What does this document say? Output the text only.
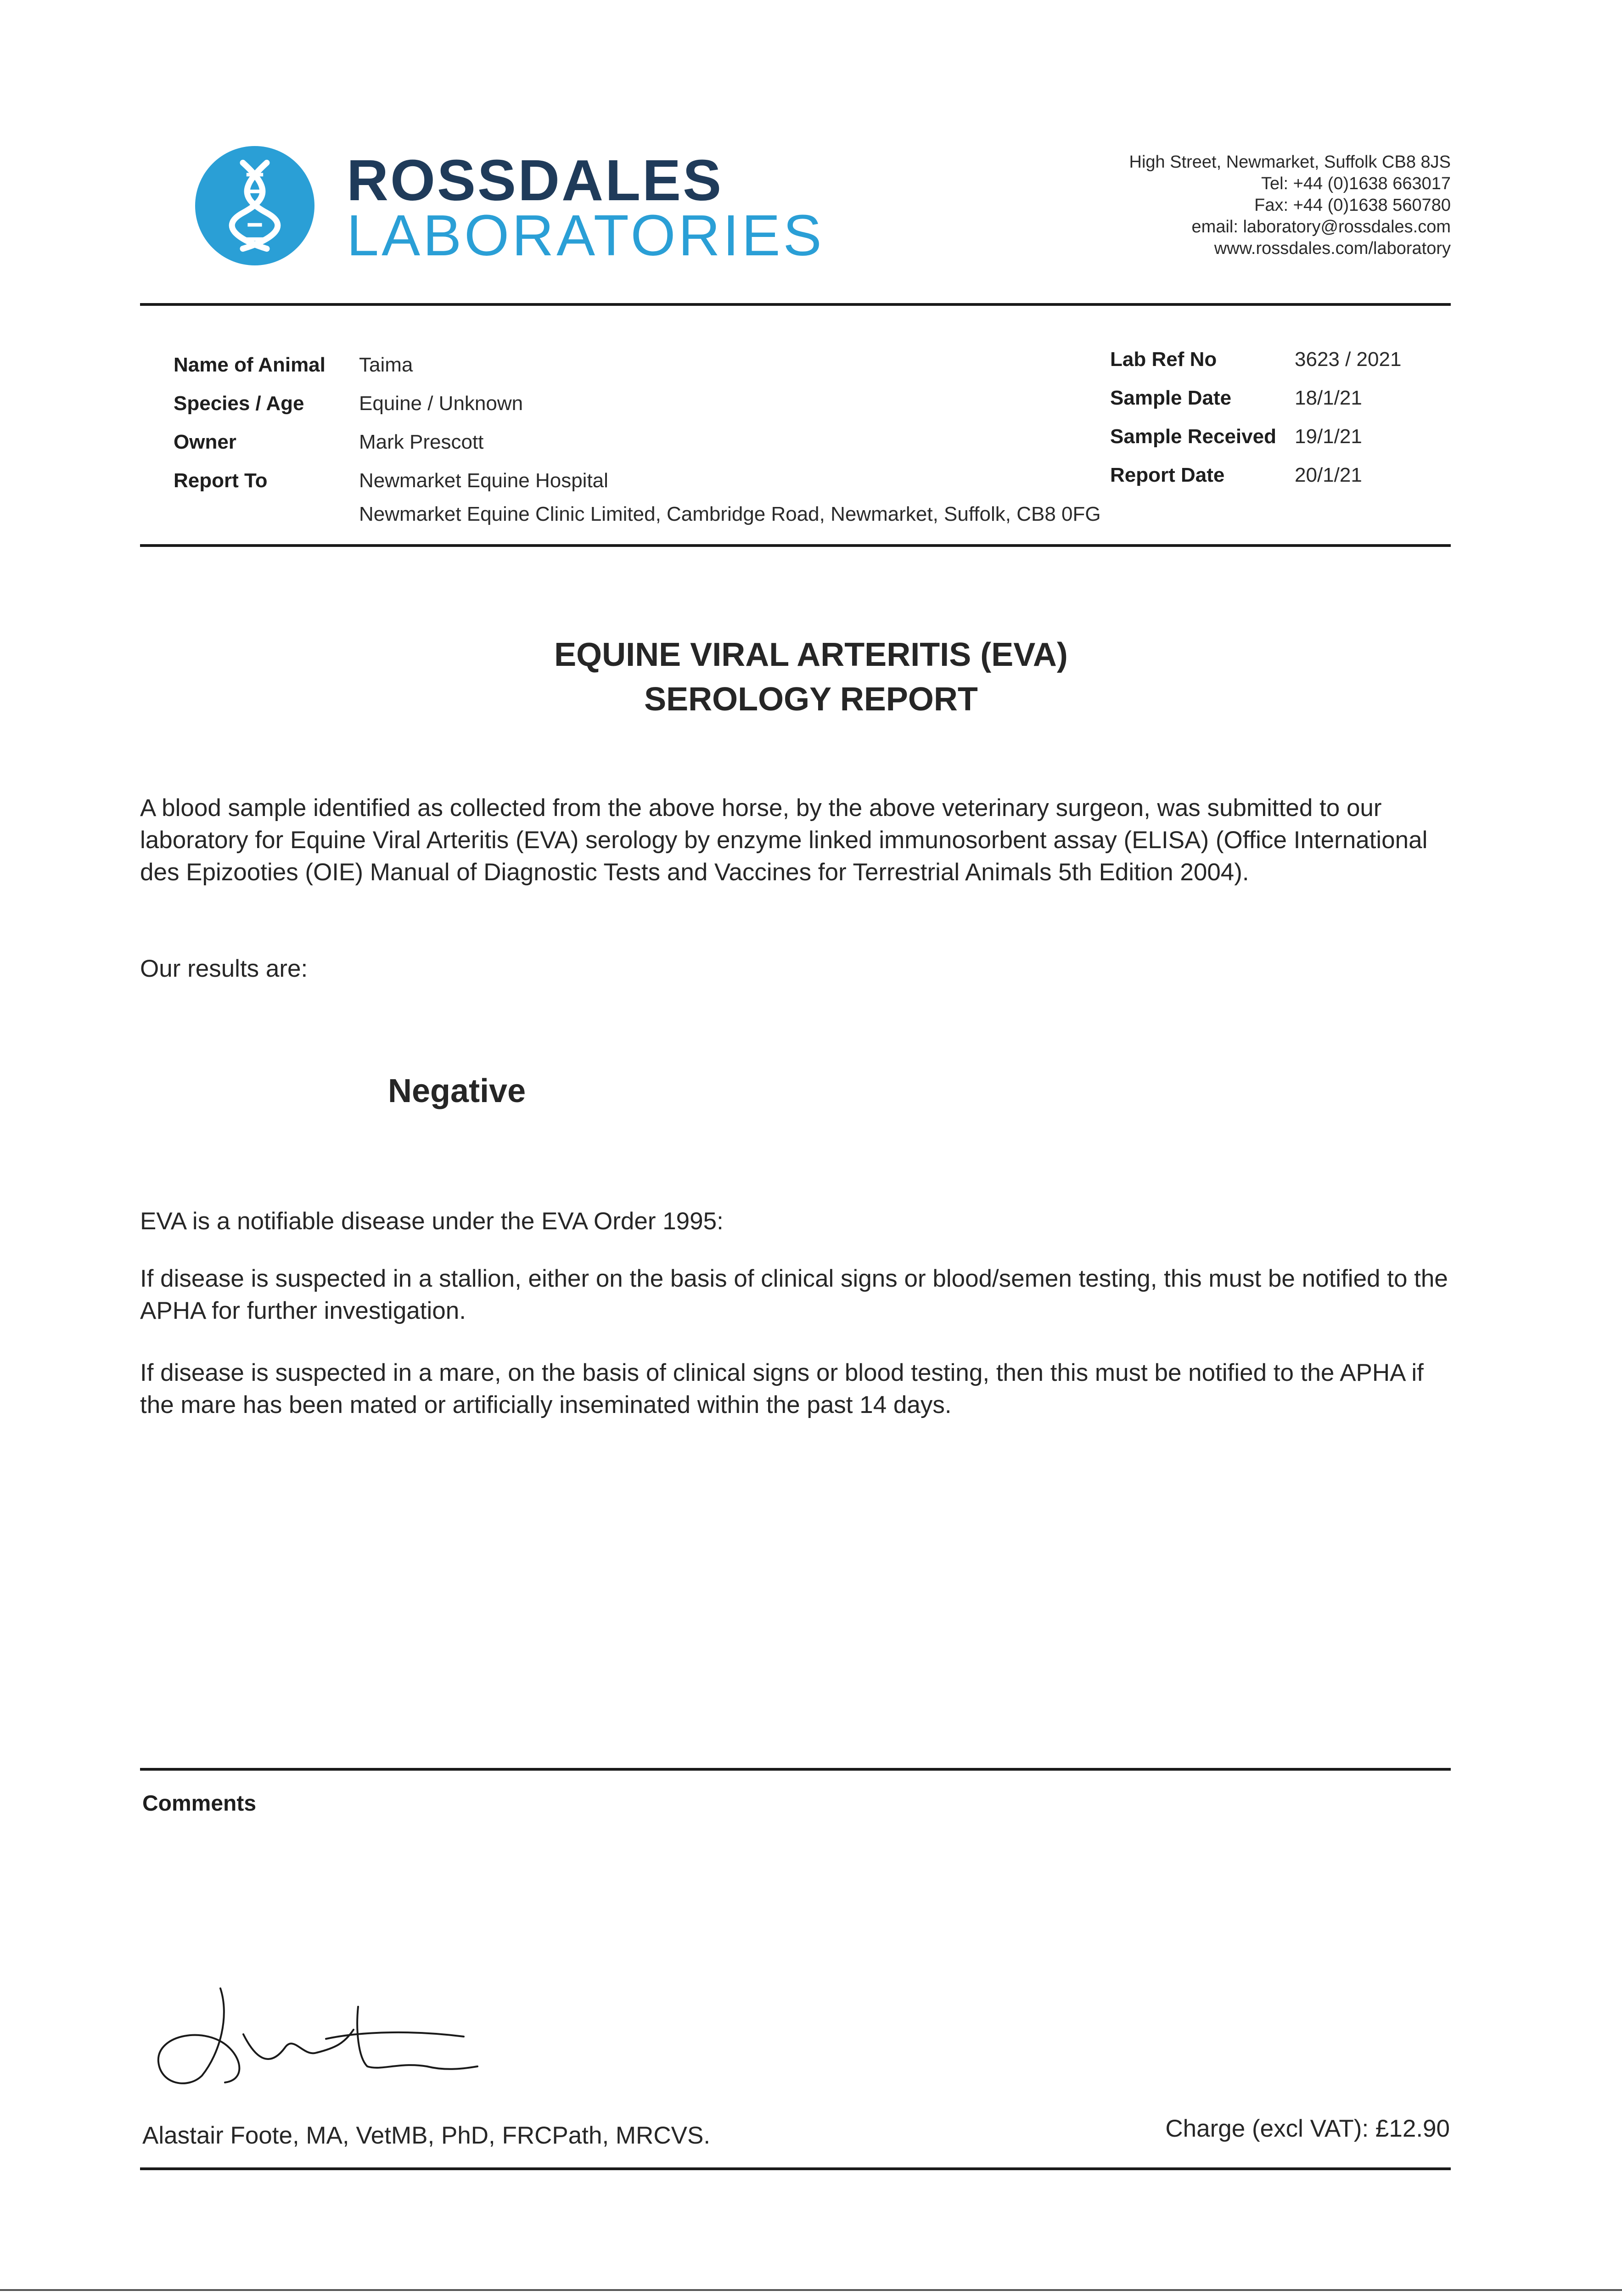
ROSSDALES
LABORATORIES
High Street, Newmarket, Suffolk CB8 8JS
Tel: +44 (0)1638 663017
Fax: +44 (0)1638 560780
email: laboratory@rossdales.com
www.rossdales.com/laboratory
Name of Animal Taima
Species / Age	Equine / Unknown
Owner	Mark Prescott
Report To	Newmarket Equine Hospital
Newmarket Equine Clinic Limited, Cambridge Road, Newmarket, Suffolk, CB8 0FG
Lab Ref No	3623 / 2021
Sample Date	18/1/21
Sample Received 19/1/21
Report Date	20/1/21
EQUINE VIRAL ARTERITIS (EVA)
SEROLOGY REPORT
A blood sample identified as collected from the above horse, by the above veterinary surgeon, was submitted to our laboratory for Equine Viral Arteritis (EVA) serology by enzyme linked immunosorbent assay (ELISA) (Office International des Epizooties (OIE) Manual of Diagnostic Tests and Vaccines for Terrestrial Animals 5th Edition 2004).
Our results are:
Negative
EVA is a notifiable disease under the EVA Order 1995:
If disease is suspected in a stallion, either on the basis of clinical signs or blood/semen testing, this must be notified to the APHA for further investigation.
If disease is suspected in a mare, on the basis of clinical signs or blood testing, then this must be notified to the APHA if the mare has been mated or artificially inseminated within the past 14 days.
Comments
Alastair Foote, MA, VetMB, PhD, FRCPath, MRCVS.	Charge (excl VAT): £12.90
